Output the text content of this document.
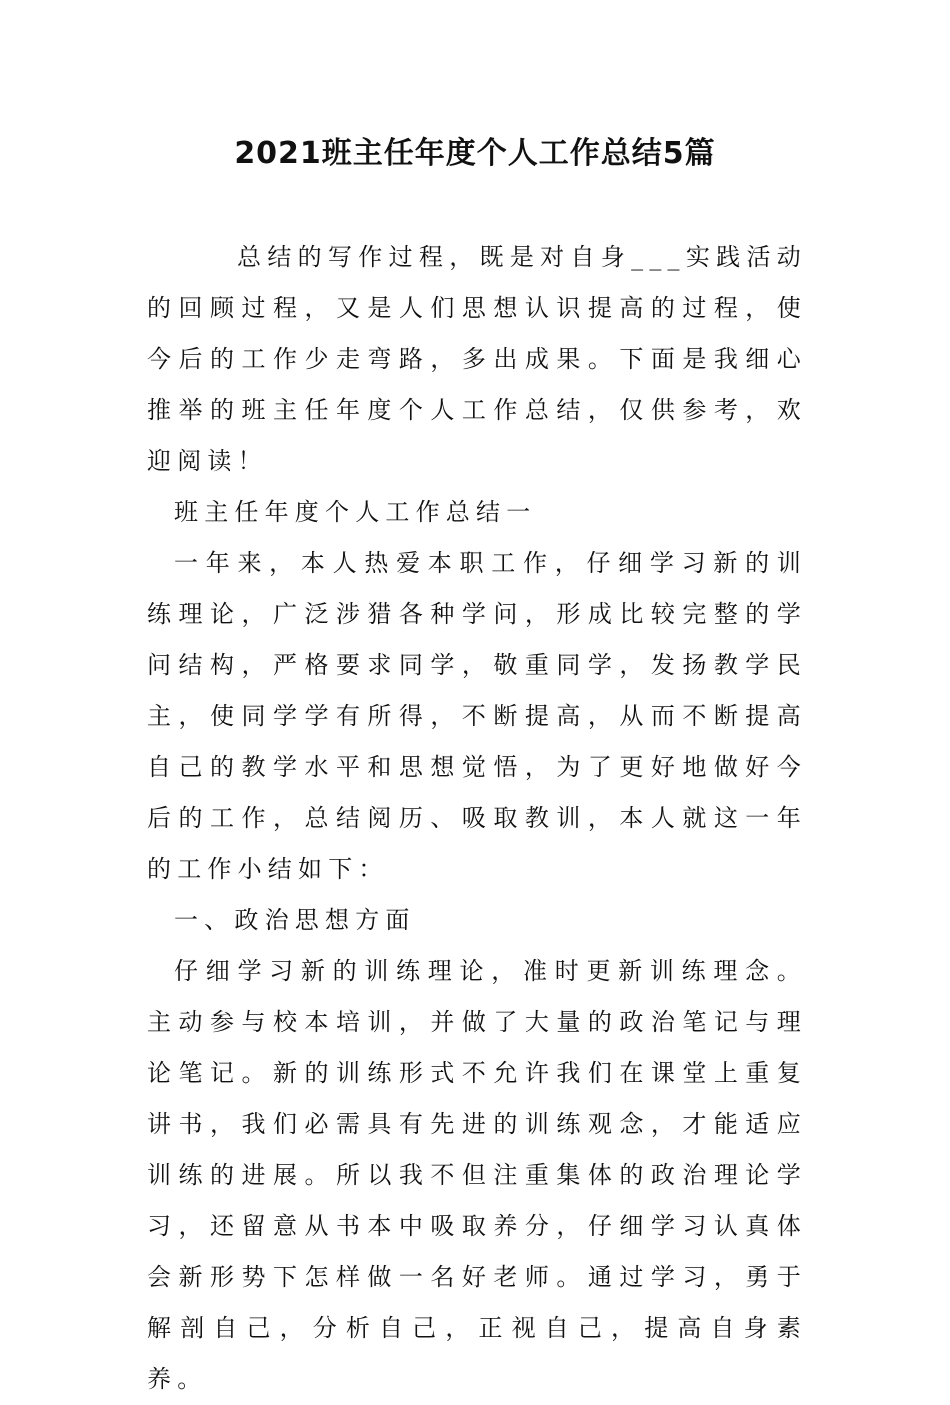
2021班主任年度个人工作总结5篇

总结的写作过程，既是对自身___实践活动的回顾过程，又是人们思想认识提高的过程，使今后的工作少走弯路，多出成果。下面是我细心推举的班主任年度个人工作总结，仅供参考，欢迎阅读！

班主任年度个人工作总结一

一年来，本人热爱本职工作，仔细学习新的训练理论，广泛涉猎各种学问，形成比较完整的学问结构，严格要求同学，敬重同学，发扬教学民主，使同学学有所得，不断提高，从而不断提高自己的教学水平和思想觉悟，为了更好地做好今后的工作，总结阅历、吸取教训，本人就这一年的工作小结如下：

一、政治思想方面

仔细学习新的训练理论，准时更新训练理念。主动参与校本培训，并做了大量的政治笔记与理论笔记。新的训练形式不允许我们在课堂上重复讲书，我们必需具有先进的训练观念，才能适应训练的进展。所以我不但注重集体的政治理论学习，还留意从书本中吸取养分，仔细学习认真体会新形势下怎样做一名好老师。通过学习，勇于解剖自己，分析自己，正视自己，提高自身素养。
